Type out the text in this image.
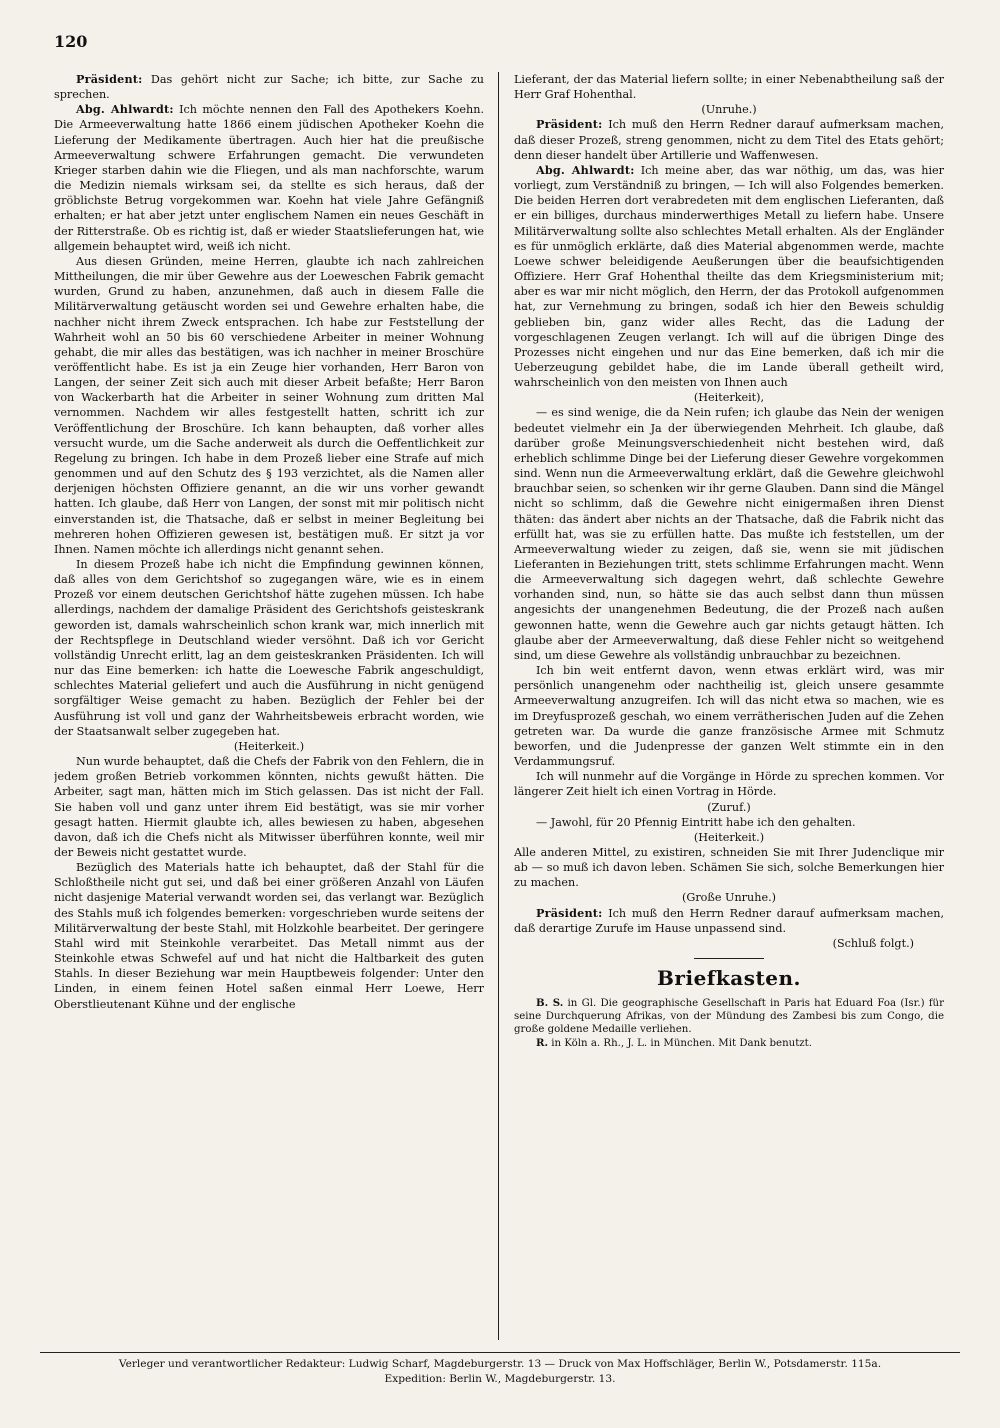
120

Präsident: Das gehört nicht zur Sache; ich bitte, zur Sache zu sprechen.

Abg. Ahlwardt: Ich möchte nennen den Fall des Apothekers Koehn. Die Armeeverwaltung hatte 1866 einem jüdischen Apotheker Koehn die Lieferung der Medikamente übertragen. Auch hier hat die preußische Armeeverwaltung schwere Erfahrungen gemacht. Die verwundeten Krieger starben dahin wie die Fliegen, und als man nachforschte, warum die Medizin niemals wirksam sei, da stellte es sich heraus, daß der gröblichste Betrug vorgekommen war. Koehn hat viele Jahre Gefängniß erhalten; er hat aber jetzt unter englischem Namen ein neues Geschäft in der Ritterstraße. Ob es richtig ist, daß er wieder Staatslieferungen hat, wie allgemein behauptet wird, weiß ich nicht.

Aus diesen Gründen, meine Herren, glaubte ich nach zahlreichen Mittheilungen, die mir über Gewehre aus der Loeweschen Fabrik gemacht wurden, Grund zu haben, anzunehmen, daß auch in diesem Falle die Militärverwaltung getäuscht worden sei und Gewehre erhalten habe, die nachher nicht ihrem Zweck entsprachen. Ich habe zur Feststellung der Wahrheit wohl an 50 bis 60 verschiedene Arbeiter in meiner Wohnung gehabt, die mir alles das bestätigen, was ich nachher in meiner Broschüre veröffentlicht habe. Es ist ja ein Zeuge hier vorhanden, Herr Baron von Langen, der seiner Zeit sich auch mit dieser Arbeit befaßte; Herr Baron von Wackerbarth hat die Arbeiter in seiner Wohnung zum dritten Mal vernommen. Nachdem wir alles festgestellt hatten, schritt ich zur Veröffentlichung der Broschüre. Ich kann behaupten, daß vorher alles versucht wurde, um die Sache anderweit als durch die Oeffentlichkeit zur Regelung zu bringen. Ich habe in dem Prozeß lieber eine Strafe auf mich genommen und auf den Schutz des § 193 verzichtet, als die Namen aller derjenigen höchsten Offiziere genannt, an die wir uns vorher gewandt hatten. Ich glaube, daß Herr von Langen, der sonst mit mir politisch nicht einverstanden ist, die Thatsache, daß er selbst in meiner Begleitung bei mehreren hohen Offizieren gewesen ist, bestätigen muß. Er sitzt ja vor Ihnen. Namen möchte ich allerdings nicht genannt sehen.

In diesem Prozeß habe ich nicht die Empfindung gewinnen können, daß alles von dem Gerichtshof so zugegangen wäre, wie es in einem Prozeß vor einem deutschen Gerichtshof hätte zugehen müssen. Ich habe allerdings, nachdem der damalige Präsident des Gerichtshofs geisteskrank geworden ist, damals wahrscheinlich schon krank war, mich innerlich mit der Rechtspflege in Deutschland wieder versöhnt. Daß ich vor Gericht vollständig Unrecht erlitt, lag an dem geisteskranken Präsidenten. Ich will nur das Eine bemerken: ich hatte die Loewesche Fabrik angeschuldigt, schlechtes Material geliefert und auch die Ausführung in nicht genügend sorgfältiger Weise gemacht zu haben. Bezüglich der Fehler bei der Ausführung ist voll und ganz der Wahrheitsbeweis erbracht worden, wie der Staatsanwalt selber zugegeben hat.

(Heiterkeit.)

Nun wurde behauptet, daß die Chefs der Fabrik von den Fehlern, die in jedem großen Betrieb vorkommen könnten, nichts gewußt hätten. Die Arbeiter, sagt man, hätten mich im Stich gelassen. Das ist nicht der Fall. Sie haben voll und ganz unter ihrem Eid bestätigt, was sie mir vorher gesagt hatten. Hiermit glaubte ich, alles bewiesen zu haben, abgesehen davon, daß ich die Chefs nicht als Mitwisser überführen konnte, weil mir der Beweis nicht gestattet wurde.

Bezüglich des Materials hatte ich behauptet, daß der Stahl für die Schloßtheile nicht gut sei, und daß bei einer größeren Anzahl von Läufen nicht dasjenige Material verwandt worden sei, das verlangt war. Bezüglich des Stahls muß ich folgendes bemerken: vorgeschrieben wurde seitens der Militärverwaltung der beste Stahl, mit Holzkohle bearbeitet. Der geringere Stahl wird mit Steinkohle verarbeitet. Das Metall nimmt aus der Steinkohle etwas Schwefel auf und hat nicht die Haltbarkeit des guten Stahls. In dieser Beziehung war mein Hauptbeweis folgender: Unter den Linden, in einem feinen Hotel saßen einmal Herr Loewe, Herr Oberstlieutenant Kühne und der englische

Lieferant, der das Material liefern sollte; in einer Nebenabtheilung saß der Herr Graf Hohenthal.

(Unruhe.)

Präsident: Ich muß den Herrn Redner darauf aufmerksam machen, daß dieser Prozeß, streng genommen, nicht zu dem Titel des Etats gehört; denn dieser handelt über Artillerie und Waffenwesen.

Abg. Ahlwardt: Ich meine aber, das war nöthig, um das, was hier vorliegt, zum Verständniß zu bringen, — Ich will also Folgendes bemerken. Die beiden Herren dort verabredeten mit dem englischen Lieferanten, daß er ein billiges, durchaus minderwerthiges Metall zu liefern habe. Unsere Militärverwaltung sollte also schlechtes Metall erhalten. Als der Engländer es für unmöglich erklärte, daß dies Material abgenommen werde, machte Loewe schwer beleidigende Aeußerungen über die beaufsichtigenden Offiziere. Herr Graf Hohenthal theilte das dem Kriegsministerium mit; aber es war mir nicht möglich, den Herrn, der das Protokoll aufgenommen hat, zur Vernehmung zu bringen, sodaß ich hier den Beweis schuldig geblieben bin, ganz wider alles Recht, das die Ladung der vorgeschlagenen Zeugen verlangt. Ich will auf die übrigen Dinge des Prozesses nicht eingehen und nur das Eine bemerken, daß ich mir die Ueberzeugung gebildet habe, die im Lande überall getheilt wird, wahrscheinlich von den meisten von Ihnen auch

(Heiterkeit),

— es sind wenige, die da Nein rufen; ich glaube das Nein der wenigen bedeutet vielmehr ein Ja der überwiegenden Mehrheit. Ich glaube, daß darüber große Meinungsverschiedenheit nicht bestehen wird, daß erheblich schlimme Dinge bei der Lieferung dieser Gewehre vorgekommen sind. Wenn nun die Armeeverwaltung erklärt, daß die Gewehre gleichwohl brauchbar seien, so schenken wir ihr gerne Glauben. Dann sind die Mängel nicht so schlimm, daß die Gewehre nicht einigermaßen ihren Dienst thäten: das ändert aber nichts an der Thatsache, daß die Fabrik nicht das erfüllt hat, was sie zu erfüllen hatte. Das mußte ich feststellen, um der Armeeverwaltung wieder zu zeigen, daß sie, wenn sie mit jüdischen Lieferanten in Beziehungen tritt, stets schlimme Erfahrungen macht. Wenn die Armeeverwaltung sich dagegen wehrt, daß schlechte Gewehre vorhanden sind, nun, so hätte sie das auch selbst dann thun müssen angesichts der unangenehmen Bedeutung, die der Prozeß nach außen gewonnen hatte, wenn die Gewehre auch gar nichts getaugt hätten. Ich glaube aber der Armeeverwaltung, daß diese Fehler nicht so weitgehend sind, um diese Gewehre als vollständig unbrauchbar zu bezeichnen.

Ich bin weit entfernt davon, wenn etwas erklärt wird, was mir persönlich unangenehm oder nachtheilig ist, gleich unsere gesammte Armeeverwaltung anzugreifen. Ich will das nicht etwa so machen, wie es im Dreyfusprozeß geschah, wo einem verrätherischen Juden auf die Zehen getreten war. Da wurde die ganze französische Armee mit Schmutz beworfen, und die Judenpresse der ganzen Welt stimmte ein in den Verdammungsruf.

Ich will nunmehr auf die Vorgänge in Hörde zu sprechen kommen. Vor längerer Zeit hielt ich einen Vortrag in Hörde.

(Zuruf.)

— Jawohl, für 20 Pfennig Eintritt habe ich den gehalten.

(Heiterkeit.)

Alle anderen Mittel, zu existiren, schneiden Sie mit Ihrer Judenclique mir ab — so muß ich davon leben. Schämen Sie sich, solche Bemerkungen hier zu machen.

(Große Unruhe.)

Präsident: Ich muß den Herrn Redner darauf aufmerksam machen, daß derartige Zurufe im Hause unpassend sind.

(Schluß folgt.)

Briefkasten.

B. S. in Gl. Die geographische Gesellschaft in Paris hat Eduard Foa (Isr.) für seine Durchquerung Afrikas, von der Mündung des Zambesi bis zum Congo, die große goldene Medaille verliehen.

R. in Köln a. Rh., J. L. in München. Mit Dank benutzt.

Verleger und verantwortlicher Redakteur: Ludwig Scharf, Magdeburgerstr. 13 — Druck von Max Hoffschläger, Berlin W., Potsdamerstr. 115a.
Expedition: Berlin W., Magdeburgerstr. 13.
